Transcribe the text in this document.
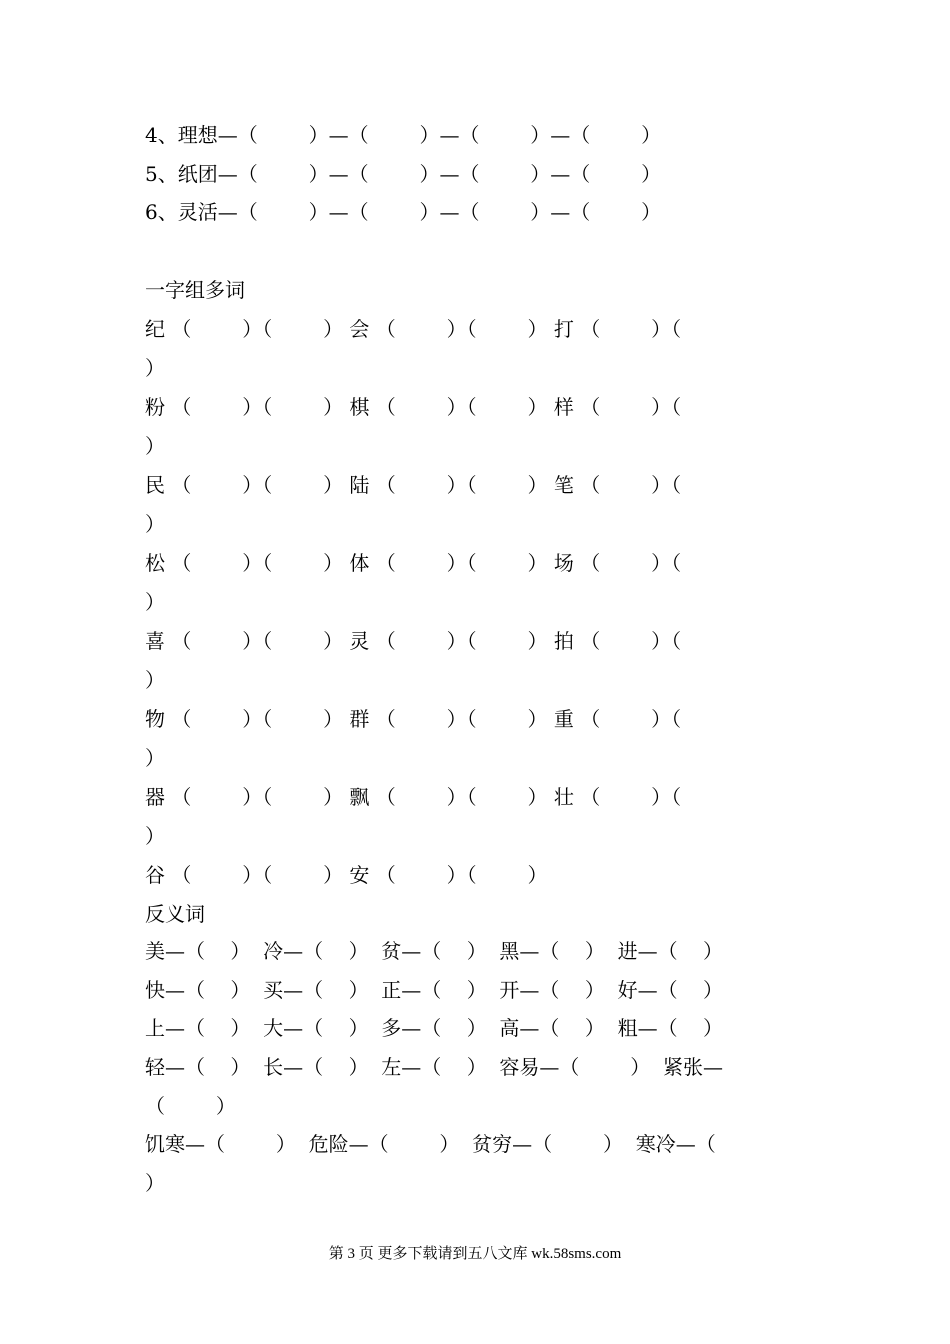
4、理想—（        ）—（        ）—（        ）—（        ）
5、纸团—（        ）—（        ）—（        ）—（        ）
6、灵活—（        ）—（        ）—（        ）—（        ）
一字组多词
纪 （        ）（        ） 会 （        ）（        ） 打 （        ）（
）
粉 （        ）（        ） 棋 （        ）（        ） 样 （        ）（
）
民 （        ）（        ） 陆 （        ）（        ） 笔 （        ）（
）
松 （        ）（        ） 体 （        ）（        ） 场 （        ）（
）
喜 （        ）（        ） 灵 （        ）（        ） 拍 （        ）（
）
物 （        ）（        ） 群 （        ）（        ） 重 （        ）（
）
器 （        ）（        ） 飘 （        ）（        ） 壮 （        ）（
）
谷 （        ）（        ） 安 （        ）（        ）
反义词
美—（    ）  冷—（    ）  贫—（    ）  黑—（    ）  进—（    ）
快—（    ）  买—（    ）  正—（    ）  开—（    ）  好—（    ）
上—（    ）  大—（    ）  多—（    ）  高—（    ）  粗—（    ）
轻—（    ）  长—（    ）  左—（    ）  容易—（        ）  紧张—
（        ）
饥寒—（        ）  危险—（        ）  贫穷—（        ）  寒冷—（
）
第 3 页 更多下载请到五八文库 wk.58sms.com
